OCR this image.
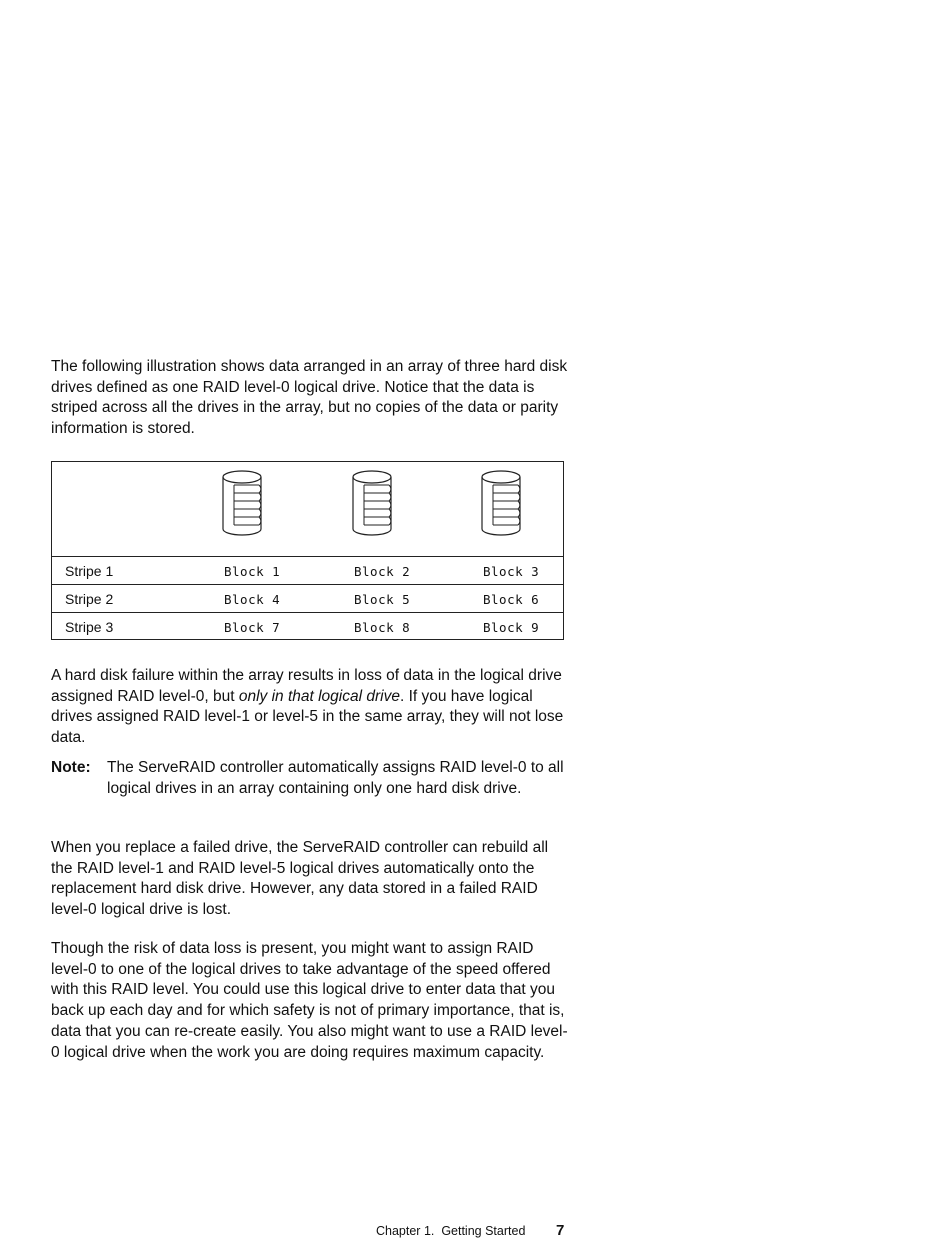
The following illustration shows data arranged in an array of three hard disk drives defined as one RAID level-0 logical drive. Notice that the data is striped across all the drives in the array, but no copies of the data or parity information is stored.

Stripe 1	Block 1	Block 2	Block 3
Stripe 2	Block 4	Block 5	Block 6
Stripe 3	Block 7	Block 8	Block 9

A hard disk failure within the array results in loss of data in the logical drive assigned RAID level-0, but only in that logical drive. If you have logical drives assigned RAID level-1 or level-5 in the same array, they will not lose data.

Note: The ServeRAID controller automatically assigns RAID level-0 to all logical drives in an array containing only one hard disk drive.

When you replace a failed drive, the ServeRAID controller can rebuild all the RAID level-1 and RAID level-5 logical drives automatically onto the replacement hard disk drive. However, any data stored in a failed RAID level-0 logical drive is lost.

Though the risk of data loss is present, you might want to assign RAID level-0 to one of the logical drives to take advantage of the speed offered with this RAID level. You could use this logical drive to enter data that you back up each day and for which safety is not of primary importance, that is, data that you can re-create easily. You also might want to use a RAID level-0 logical drive when the work you are doing requires maximum capacity.

Chapter 1.  Getting Started 7
